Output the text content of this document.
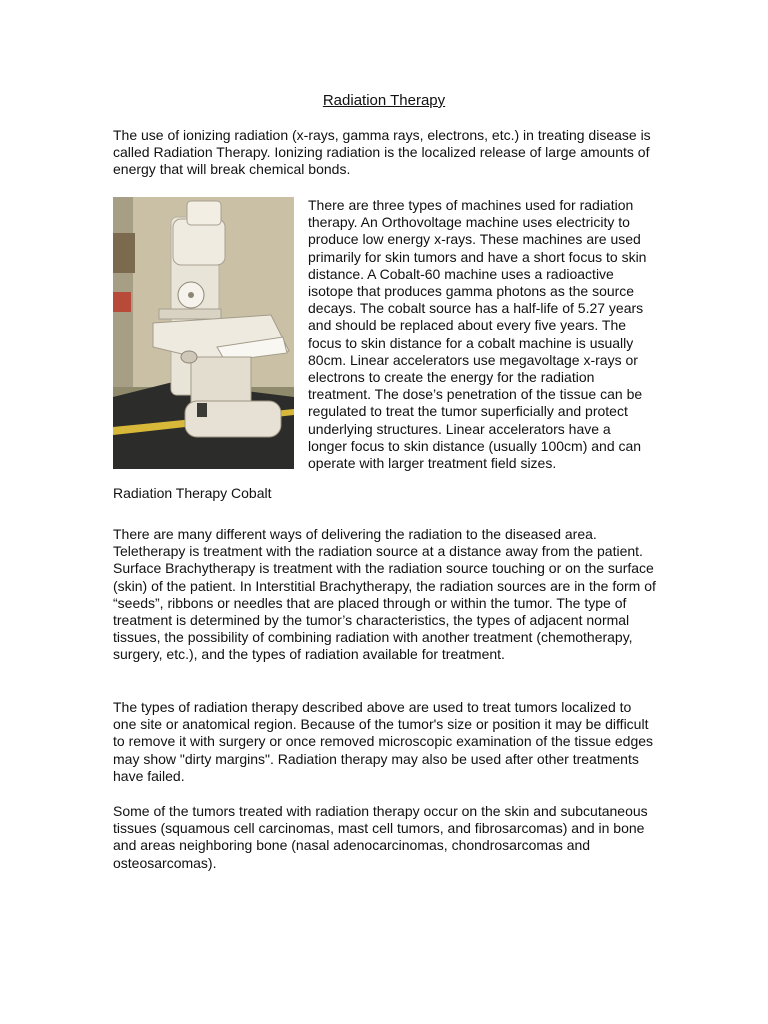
Radiation Therapy

The use of ionizing radiation (x-rays, gamma rays, electrons, etc.) in treating disease is called Radiation Therapy. Ionizing radiation is the localized release of large amounts of energy that will break chemical bonds.

There are three types of machines used for radiation therapy. An Orthovoltage machine uses electricity to produce low energy x-rays. These machines are used primarily for skin tumors and have a short focus to skin distance. A Cobalt-60 machine uses a radioactive isotope that produces gamma photons as the source decays. The cobalt source has a half-life of 5.27 years and should be replaced about every five years. The focus to skin distance for a cobalt machine is usually 80cm. Linear accelerators use megavoltage x-rays or electrons to create the energy for the radiation treatment. The dose’s penetration of the tissue can be regulated to treat the tumor superficially and protect underlying structures. Linear accelerators have a longer focus to skin distance (usually 100cm) and can operate with larger treatment field sizes.

Radiation Therapy Cobalt

There are many different ways of delivering the radiation to the diseased area. Teletherapy is treatment with the radiation source at a distance away from the patient. Surface Brachytherapy is treatment with the radiation source touching or on the surface (skin) of the patient. In Interstitial Brachytherapy, the radiation sources are in the form of “seeds”, ribbons or needles that are placed through or within the tumor. The type of treatment is determined by the tumor’s characteristics, the types of adjacent normal tissues, the possibility of combining radiation with another treatment (chemotherapy, surgery, etc.), and the types of radiation available for treatment.

The types of radiation therapy described above are used to treat tumors localized to one site or anatomical region. Because of the tumor's size or position it may be difficult to remove it with surgery or once removed microscopic examination of the tissue edges may show "dirty margins". Radiation therapy may also be used after other treatments have failed.

Some of the tumors treated with radiation therapy occur on the skin and subcutaneous tissues (squamous cell carcinomas, mast cell tumors, and fibrosarcomas) and in bone and areas neighboring bone (nasal adenocarcinomas, chondrosarcomas and osteosarcomas).
